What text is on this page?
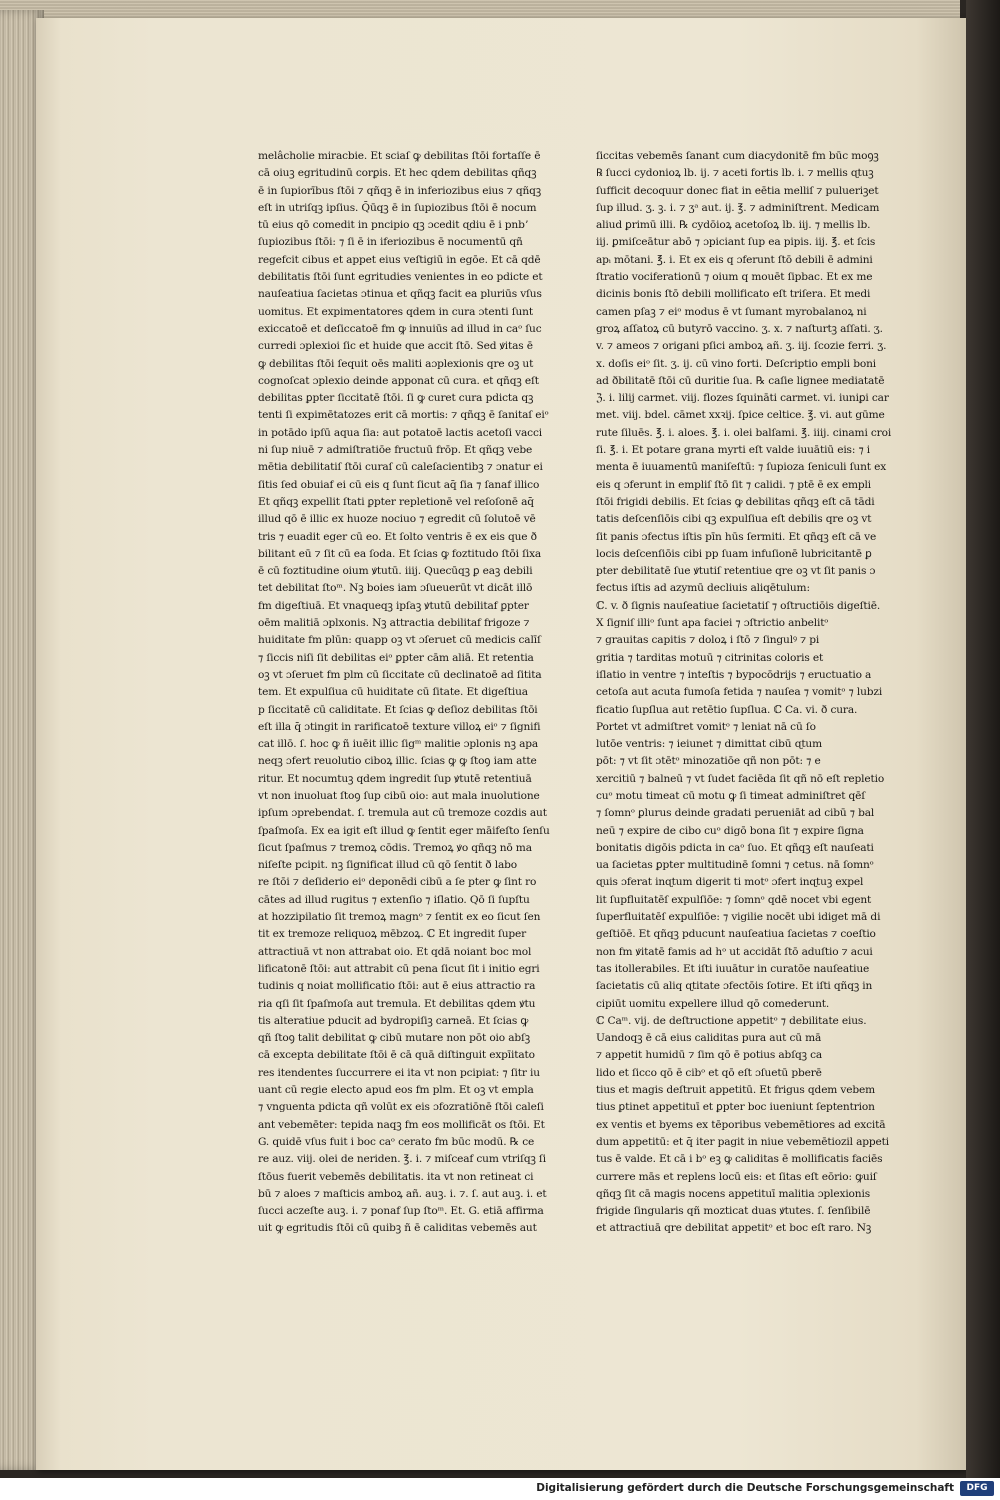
melâcholie miracbie. Et sciaſ ꝙ debilitas ſtōi fortaſſe ē
cā oiuꝫ egritudinū corꝑis. Et hec qdem debilitas qñqꝫ
ē in ſupiorībus ſtōi ⁊ qñqꝫ ē in inferiozibus eius ⁊ qñqꝫ
eſt in utriſqꝫ ipſius. Q̄ūqꝫ ē in ſupiozibus ſtōi ē nocum
tū eius qō comedit in pncipio qꝫ ɔcedit ɋdiu ē i pnbʼ
ſupiozibus ſtōi: ⁊ ſi ē in iferiozibus ē nocumentū qñ
regefcit cibus et appet eius veſtigiū in egōe. Et cā qdē
debilitatis ſtōi ſunt egritudies venientes in eo pdicte et
nauſeatiua ſacietas ɔtinua et qñqꝫ facit ea pluriūs vſus
uomitus. Et expimentatores qdem in cura ɔtenti ſunt
exiccatoē et deſiccatoē fm ꝙ innuiūs ad illud in caᵒ ſuc
curredi ɔplexioi ſic et huide que accit ſtō. Sed ꝟitas ē
ꝙ debilitas ſtōi ſequit oēs maliti aɔplexionis qre oꝫ ut
cognoſcat ɔplexio deinde apponat cū cura. et qñqꝫ eſt
debilitas ꝑpter ſiccitatē ſtōi. ſi ꝙ curet cura pdicta qꝫ
tenti ſi expimētatozes erit cā mortis: ⁊ qñqꝫ ē ſanitaſ eiᵒ
in potādo ipſū aqua ſia: aut potatoē lactis acetoſi vacci
ni ſup niuē ⁊ admiſtratiōe fructuū frōp. Et qñqꝫ vebe
mētia debilitatiſ ſtōi curaſ cū caleſacientibꝫ ⁊ ɔnatur ei
ſitis ſed obuiaf ei cū eis q ſunt ſicut aq̄ ſia ⁊ ſanaf illico
Et qñqꝫ expellit ſtati ꝑpter repletionē vel reſoſonē aq̄
illud qō ē illic ex huoze nociuo ⁊ egredit cū ſolutoē vē
tris ⁊ euadit eger cū eo. Et ſolto ventris ē ex eis que ð
bilitant eū ⁊ ſit cū ea ſoda. Et ſcias ꝙ foztitudo ſtōi ſixa
ē cū foztitudine oium ꝟtutū. iiij. Quecūqꝫ ꝑ eaꝫ debili
tet debilitat ſtoᵐ. Nꝫ boies iam ɔſueuerūt vt dicāt illō
fm digeſtiuā. Et vnaqueqꝫ ipſaꝫ ꝟtutū debilitaf ꝑpter
oēm malitiā ɔplxonis. Nꝫ attractia debilitaf frigoze ⁊
huiditate fm plūn: quapp oꝫ vt ɔſeruet cū medicis calīſ
⁊ ſiccis niſi ſit debilitas eiᵒ ꝑpter cām aliā. Et retentia
oꝫ vt ɔſeruet fm plm cū ſiccitate cū declinatoē ad ſitita
tem. Et expulſiua cū huiditate cū ſitate. Et digeſtiua
p ſiccitatē cū caliditate. Et ſcias ꝙ deſioz debilitas ſtōi
eſt illa q̄ ɔtingit in rarificatoē texture villoꝝ eiᵒ ⁊ ſignifi
cat illō. ſ. hoc ꝙ ñ iuēit illic ſigᵐ malitie ɔplonis nꝫ apa
neqꝫ ɔfert reuolutio ciboꝝ illic. ſcias ꝙ ꝙ ſtoꝯ iam atte
ritur. Et nocumtuꝫ qdem ingredit ſup ꝟtutē retentiuā
vt non inuoluat ſtoꝯ ſup cibū oio: aut mala inuolutione
ipſum ɔprebendat. ſ. tremula aut cū tremoze cozdis aut
ſpaſmoſa. Ex ea igit eſt illud ꝙ ſentit eger māifeſto ſenſu
ſicut ſpaſmus ⁊ tremoꝝ cōdis. Tremoꝝ ꝟo qñqꝫ nō ma
niſeſte pcipit. nꝫ ſignificat illud cū qō ſentit ð labo
re ſtōi ⁊ deſiderio eiᵒ deponēdi cibū a ſe pter ꝙ ſint ro
cātes ad illud rugitus ⁊ extenſio ⁊ iſlatio. Qō ſi ſupſtu
at hozzipilatio ſit tremoꝝ magnᵒ ⁊ ſentit ex eo ſicut ſen
tit ex tremoze reliquoꝝ mēbzoꝝ. ℂ Et ingredit ſuper
attractiuā vt non attrabat oio. Et qdā noiant boc mol
lificatonē ſtōi: aut attrabit cū pena ſicut ſit i initio egri
tudinis q noiat mollificatio ſtōi: aut ē eius attractio ra
ria qſi ſit ſpaſmoſa aut tremula. Et debilitas qdem ꝟtu
tis alteratiue pducit ad bydropiſiꝫ carneā. Et ſcias ꝙ
qñ ſtoꝯ talit debilitat ꝙ cibū mutare non pōt oio abſꝫ
cā excepta debilitate ſtōi ē cā quā diſtinguit expīitato
res itendentes ſuccurrere ei ita vt non pcipiat: ⁊ ſitr iu
uant cū regie electo apud eos fm plm. Et oꝫ vt empla
⁊ vnguenta pdicta qñ volūt ex eis ɔfozratiōnē ſtōi caleſi
ant vebemēter: tepida naqꝫ fm eos mollificāt os ſtōi. Et
G. quidē vſus fuit i boc caᵒ cerato fm būc modū. ℞ ce
re auz. viij. olei de neriden. ℥. i. ⁊ miſceaf cum vtriſqꝫ ſi
ſtōus fuerit vebemēs debilitatis. ita vt non retineat ci
bū ⁊ aloes ⁊ maſticis amboꝝ añ. auꝫ. i. ⁊. ſ. aut auꝫ. i. et
ſucci aczeſte auꝫ. i. ⁊ ponaf ſup ſtoᵐ. Et. G. etiā affirma
uit ꝙ egritudis ſtōi cū quibꝫ ñ ē caliditas vebemēs aut
ſiccitas vebemēs ſanant cum diacydonitē fm būc moꝯꝫ
℞ ſucci cydonioꝝ lb. ij. ⁊ aceti fortis lb. i. ⁊ mellis ɋtuꝫ
ſufficit decoquur donec fiat in eētia melliſ ⁊ pulueriꝫet
ſup illud. ʒ. ꝫ. i. ⁊ ʒᵃ aut. ij. ℥. ⁊ adminiſtrent. Medicam
aliud ꝑrimū illi. ℞ cydōioꝝ acetoſoꝝ lb. iij. ⁊ mellis lb.
iij. ꝑmiſceātur abō ⁊ ɔpiciant ſup ea pipis. iij. ℥. et ſcis
apᵢ mōtani. ℥. i. Et ex eis q ɔferunt ſtō debili ē admini
ſtratio vociferationū ⁊ oium q mouēt ſipbac. Et ex me
dicinis bonis ſtō debili mollificato eſt triſera. Et medi
camen pſaꝫ ⁊ eiᵒ modus ē vt ſumant myrobalanoꝝ ni
groꝝ aſſatoꝝ cū butyrō vaccino. ʒ. x. ⁊ naſturtꝫ aſſati. ʒ.
v. ⁊ ameos ⁊ origani pſici amboꝝ añ. ʒ. iij. ſcozie ferri. ʒ.
x. doſis eiᵒ ſit. ʒ. ij. cū vino forti. Deſcriptio empli boni
ad ðbilitatē ſtōi cū duritie ſua. ℞ caſie lignee mediatatē
ℨ. i. lilij carmet. viij. flozes ſquināti carmet. vi. iuniꝑi car
met. viij. bdel. cāmet xxꝛij. ſpice celtice. ℥. vi. aut gūme
rute ſiluēs. ℥. i. aloes. ℥. i. olei balſami. ℥. iiij. cinami croi
ſi. ℥. i. Et potare grana myrti eſt valde iuuātiū eis: ⁊ i
menta ē iuuamentū maniſeſtū: ⁊ ſupioza ſeniculi ſunt ex
eis q ɔferunt in empliſ ſtō ſit ⁊ calidi. ⁊ ptē ē ex empli
ſtōi frigidi debilis. Et ſcias ꝙ debilitas qñqꝫ eſt cā tādi
tatis deſcenſiōis cibi qꝫ expulſiua eſt debilis qre oꝫ vt
ſit panis ɔfectus iſtis pīn hūs ſermiti. Et qñqꝫ eſt cā ve
locis deſcenſiōis cibi pp ſuam infuſionē lubricitantē ꝑ
pter debilitatē ſue ꝟtutiſ retentiue qre oꝫ vt ſit panis ɔ
fectus iſtis ad azymū decliuis aliqētulum:
ℂ. v. ð ſignis nauſeatiue ſacietatiſ ⁊ oſtructiōis digeſtiē.
X ſigniſ illiᵒ ſunt apa faciei ⁊ ɔſtrictio anbelitᵒ
⁊ grauitas capitis ⁊ doloꝝ i ſtō ⁊ ſingulꝰ ⁊ pi
gritia ⁊ tarditas motuū ⁊ citrinitas coloris et
iſlatio in ventre ⁊ inteſtis ⁊ bypocōdrijs ⁊ eructuatio a
cetoſa aut acuta fumoſa fetida ⁊ nauſea ⁊ vomitᵒ ⁊ lubzi
ficatio ſupſlua aut retētio ſupſlua. ℂ Ca. vi. ð cura.
Portet vt admiſtret vomitᵒ ⁊ leniat nā cū ſo
lutōe ventris: ⁊ ieiunet ⁊ dimittat cibū ɋtum
pōt: ⁊ vt ſit ɔtētᵒ minozatiōe qñ non pōt: ⁊ e
xercitiū ⁊ balneū ⁊ vt ſudet faciēda ſit qñ nō eſt repletio
cuᵒ motu timeat cū motu ꝙ ſi timeat adminiſtret qēſ
⁊ ſomnᵒ ꝑlurus deinde gradati perueniāt ad cibū ⁊ bal
neū ⁊ expire de cibo cuᵒ digō bona ſit ⁊ expire ſigna
bonitatis digōis pdicta in caᵒ ſuo. Et qñqꝫ eſt nauſeati
ua ſacietas ꝑpter multitudinē ſomni ⁊ cetus. nā ſomnᵒ
ɋuis ɔferat inɋtum digerit ti motᵒ ɔfert inɋtuꝫ expel
lit ſupfluitatēſ expulſiōe: ⁊ ſomnᵒ qdē nocet vbi egent
ſuperfluitatēſ expulſiōe: ⁊ vigilie nocēt ubi idiget mā di
geſtiōē. Et qñqꝫ pducunt nauſeatiua ſacietas ⁊ coeſtio
non fm ꝟitatē famis ad hᵒ ut accidāt ſtō aduſtio ⁊ acui
tas itollerabiles. Et iſti iuuātur in curatōe nauſeatiue
ſacietatis cū aliq ɋtitate ɔfectōis ſotire. Et iſti qñqꝫ in
cipiūt uomitu expellere illud qō comederunt.
ℂ Caᵐ. vij. de deſtructione appetitᵒ ⁊ debilitate eius.
Uandoqꝫ ē cā eius caliditas pura aut cū mā
⁊ appetit humidū ⁊ ſim qō ē potius abſqꝫ ca
lido et ſicco qō ē cibᵒ et qō eſt ɔſuetū pberē
tius et magis deſtruit appetitū. Et frigus qdem vebem
tius ꝑtinet appetituī et ꝑpter boc iueniunt ſeptentrion
ex ventis et byems ex tēporibus vebemētiores ad excitā
dum appetitū: et q̄ iter pagit in niue vebemētiozil appeti
tus ē valde. Et cā i bᵒ eꝫ ꝙ caliditas ē mollificatis faciēs
currere mās et replens locū eis: et ſitas eſt eōrio: ꝙuiſ
qñqꝫ ſit cā magis nocens appetituī malitia ɔplexionis
frigide ſingularis qñ mozticat duas ꝟtutes. ſ. ſenſibilē
et attractiuā qre debilitat appetitᵒ et boc eſt raro. Nꝫ
Digitalisierung gefördert durch die Deutsche Forschungsgemeinschaft	DFG
